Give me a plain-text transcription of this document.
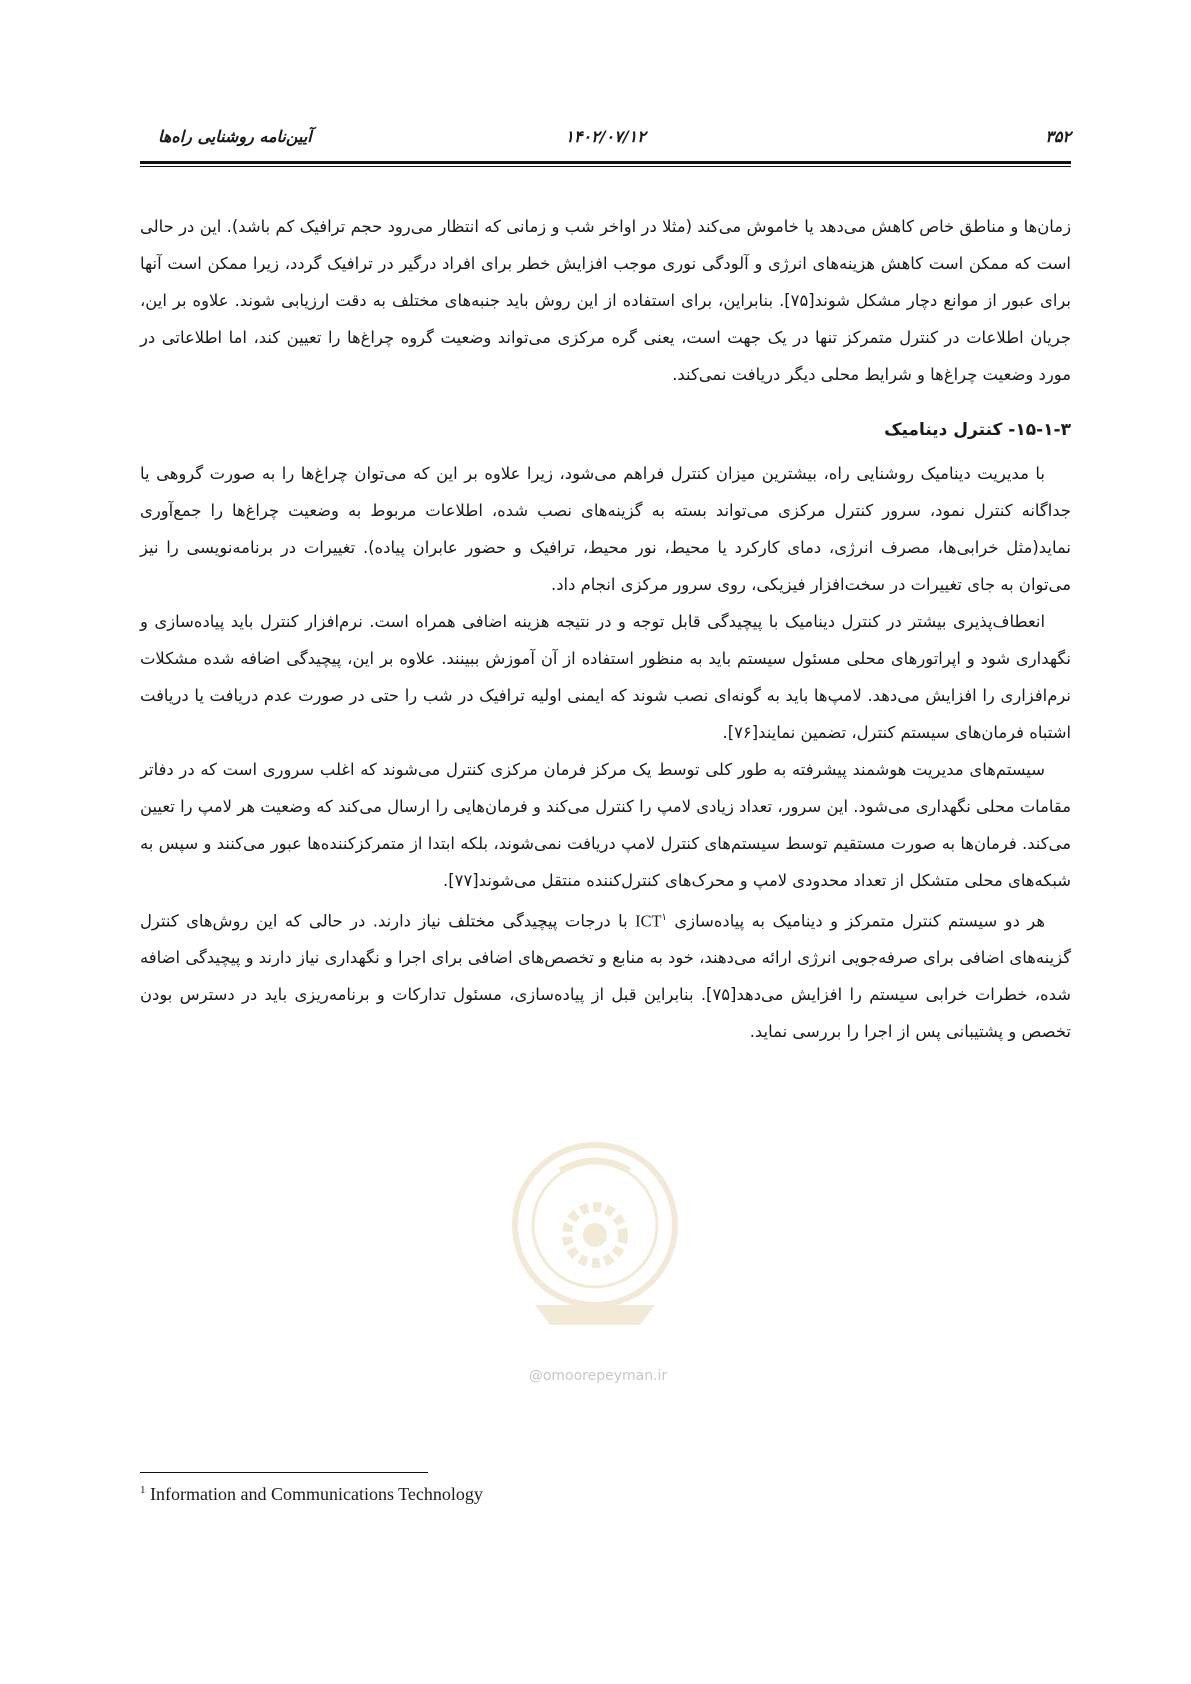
۳۵۲
۱۴۰۲/۰۷/۱۲
آیین‌نامه روشنایی راه‌ها

زمان‌ها و مناطق خاص کاهش می‌دهد یا خاموش می‌کند (مثلا در اواخر شب و زمانی که انتظار می‌رود حجم ترافیک کم باشد). این در حالی است که ممکن است کاهش هزینه‌های انرژی و آلودگی نوری موجب افزایش خطر برای افراد درگیر در ترافیک گردد، زیرا ممکن است آنها برای عبور از موانع دچار مشکل شوند[۷۵]. بنابراین، برای استفاده از این روش باید جنبه‌های مختلف به دقت ارزیابی شوند. علاوه بر این، جریان اطلاعات در کنترل متمرکز تنها در یک جهت است، یعنی گره مرکزی می‌تواند وضعیت گروه چراغ‌ها را تعیین کند، اما اطلاعاتی در مورد وضعیت چراغ‌ها و شرایط محلی دیگر دریافت نمی‌کند.

۱۵-۱-۳- کنترل دینامیک

با مدیریت دینامیک روشنایی راه، بیشترین میزان کنترل فراهم می‌شود، زیرا علاوه بر این که می‌توان چراغ‌ها را به صورت گروهی یا جداگانه کنترل نمود، سرور کنترل مرکزی می‌تواند بسته به گزینه‌های نصب شده، اطلاعات مربوط به وضعیت چراغ‌ها را جمع‌آوری نماید(مثل خرابی‌ها، مصرف انرژی، دمای کارکرد یا محیط، نور محیط، ترافیک و حضور عابران پیاده). تغییرات در برنامه‌نویسی را نیز می‌توان به جای تغییرات در سخت‌افزار فیزیکی، روی سرور مرکزی انجام داد.

انعطاف‌پذیری بیشتر در کنترل دینامیک با پیچیدگی قابل توجه و در نتیجه هزینه اضافی همراه است. نرم‌افزار کنترل باید پیاده‌سازی و نگهداری شود و اپراتورهای محلی مسئول سیستم باید به منظور استفاده از آن آموزش ببینند. علاوه بر این، پیچیدگی اضافه شده مشکلات نرم‌افزاری را افزایش می‌دهد. لامپ‌ها باید به گونه‌ای نصب شوند که ایمنی اولیه ترافیک در شب را حتی در صورت عدم دریافت یا دریافت اشتباه فرمان‌های سیستم کنترل، تضمین نمایند[۷۶].

سیستم‌های مدیریت هوشمند پیشرفته به طور کلی توسط یک مرکز فرمان مرکزی کنترل می‌شوند که اغلب سروری است که در دفاتر مقامات محلی نگهداری می‌شود. این سرور، تعداد زیادی لامپ را کنترل می‌کند و فرمان‌هایی را ارسال می‌کند که وضعیت هر لامپ را تعیین می‌کند. فرمان‌ها به صورت مستقیم توسط سیستم‌های کنترل لامپ دریافت نمی‌شوند، بلکه ابتدا از متمرکزکننده‌ها عبور می‌کنند و سپس به شبکه‌های محلی متشکل از تعداد محدودی لامپ و محرک‌های کنترل‌کننده منتقل می‌شوند[۷۷].

هر دو سیستم کنترل متمرکز و دینامیک به پیاده‌سازی ICT$^۱$ با درجات پیچیدگی مختلف نیاز دارند. در حالی که این روش‌های کنترل گزینه‌های اضافی برای صرفه‌جویی انرژی ارائه می‌دهند، خود به منابع و تخصص‌های اضافی برای اجرا و نگهداری نیاز دارند و پیچیدگی اضافه شده، خطرات خرابی سیستم را افزایش می‌دهد[۷۵]. بنابراین قبل از پیاده‌سازی، مسئول تدارکات و برنامه‌ریزی باید در دسترس بودن تخصص و پشتیبانی پس از اجرا را بررسی نماید.

@omoorepeyman.ir
$^1$ Information and Communications Technology
